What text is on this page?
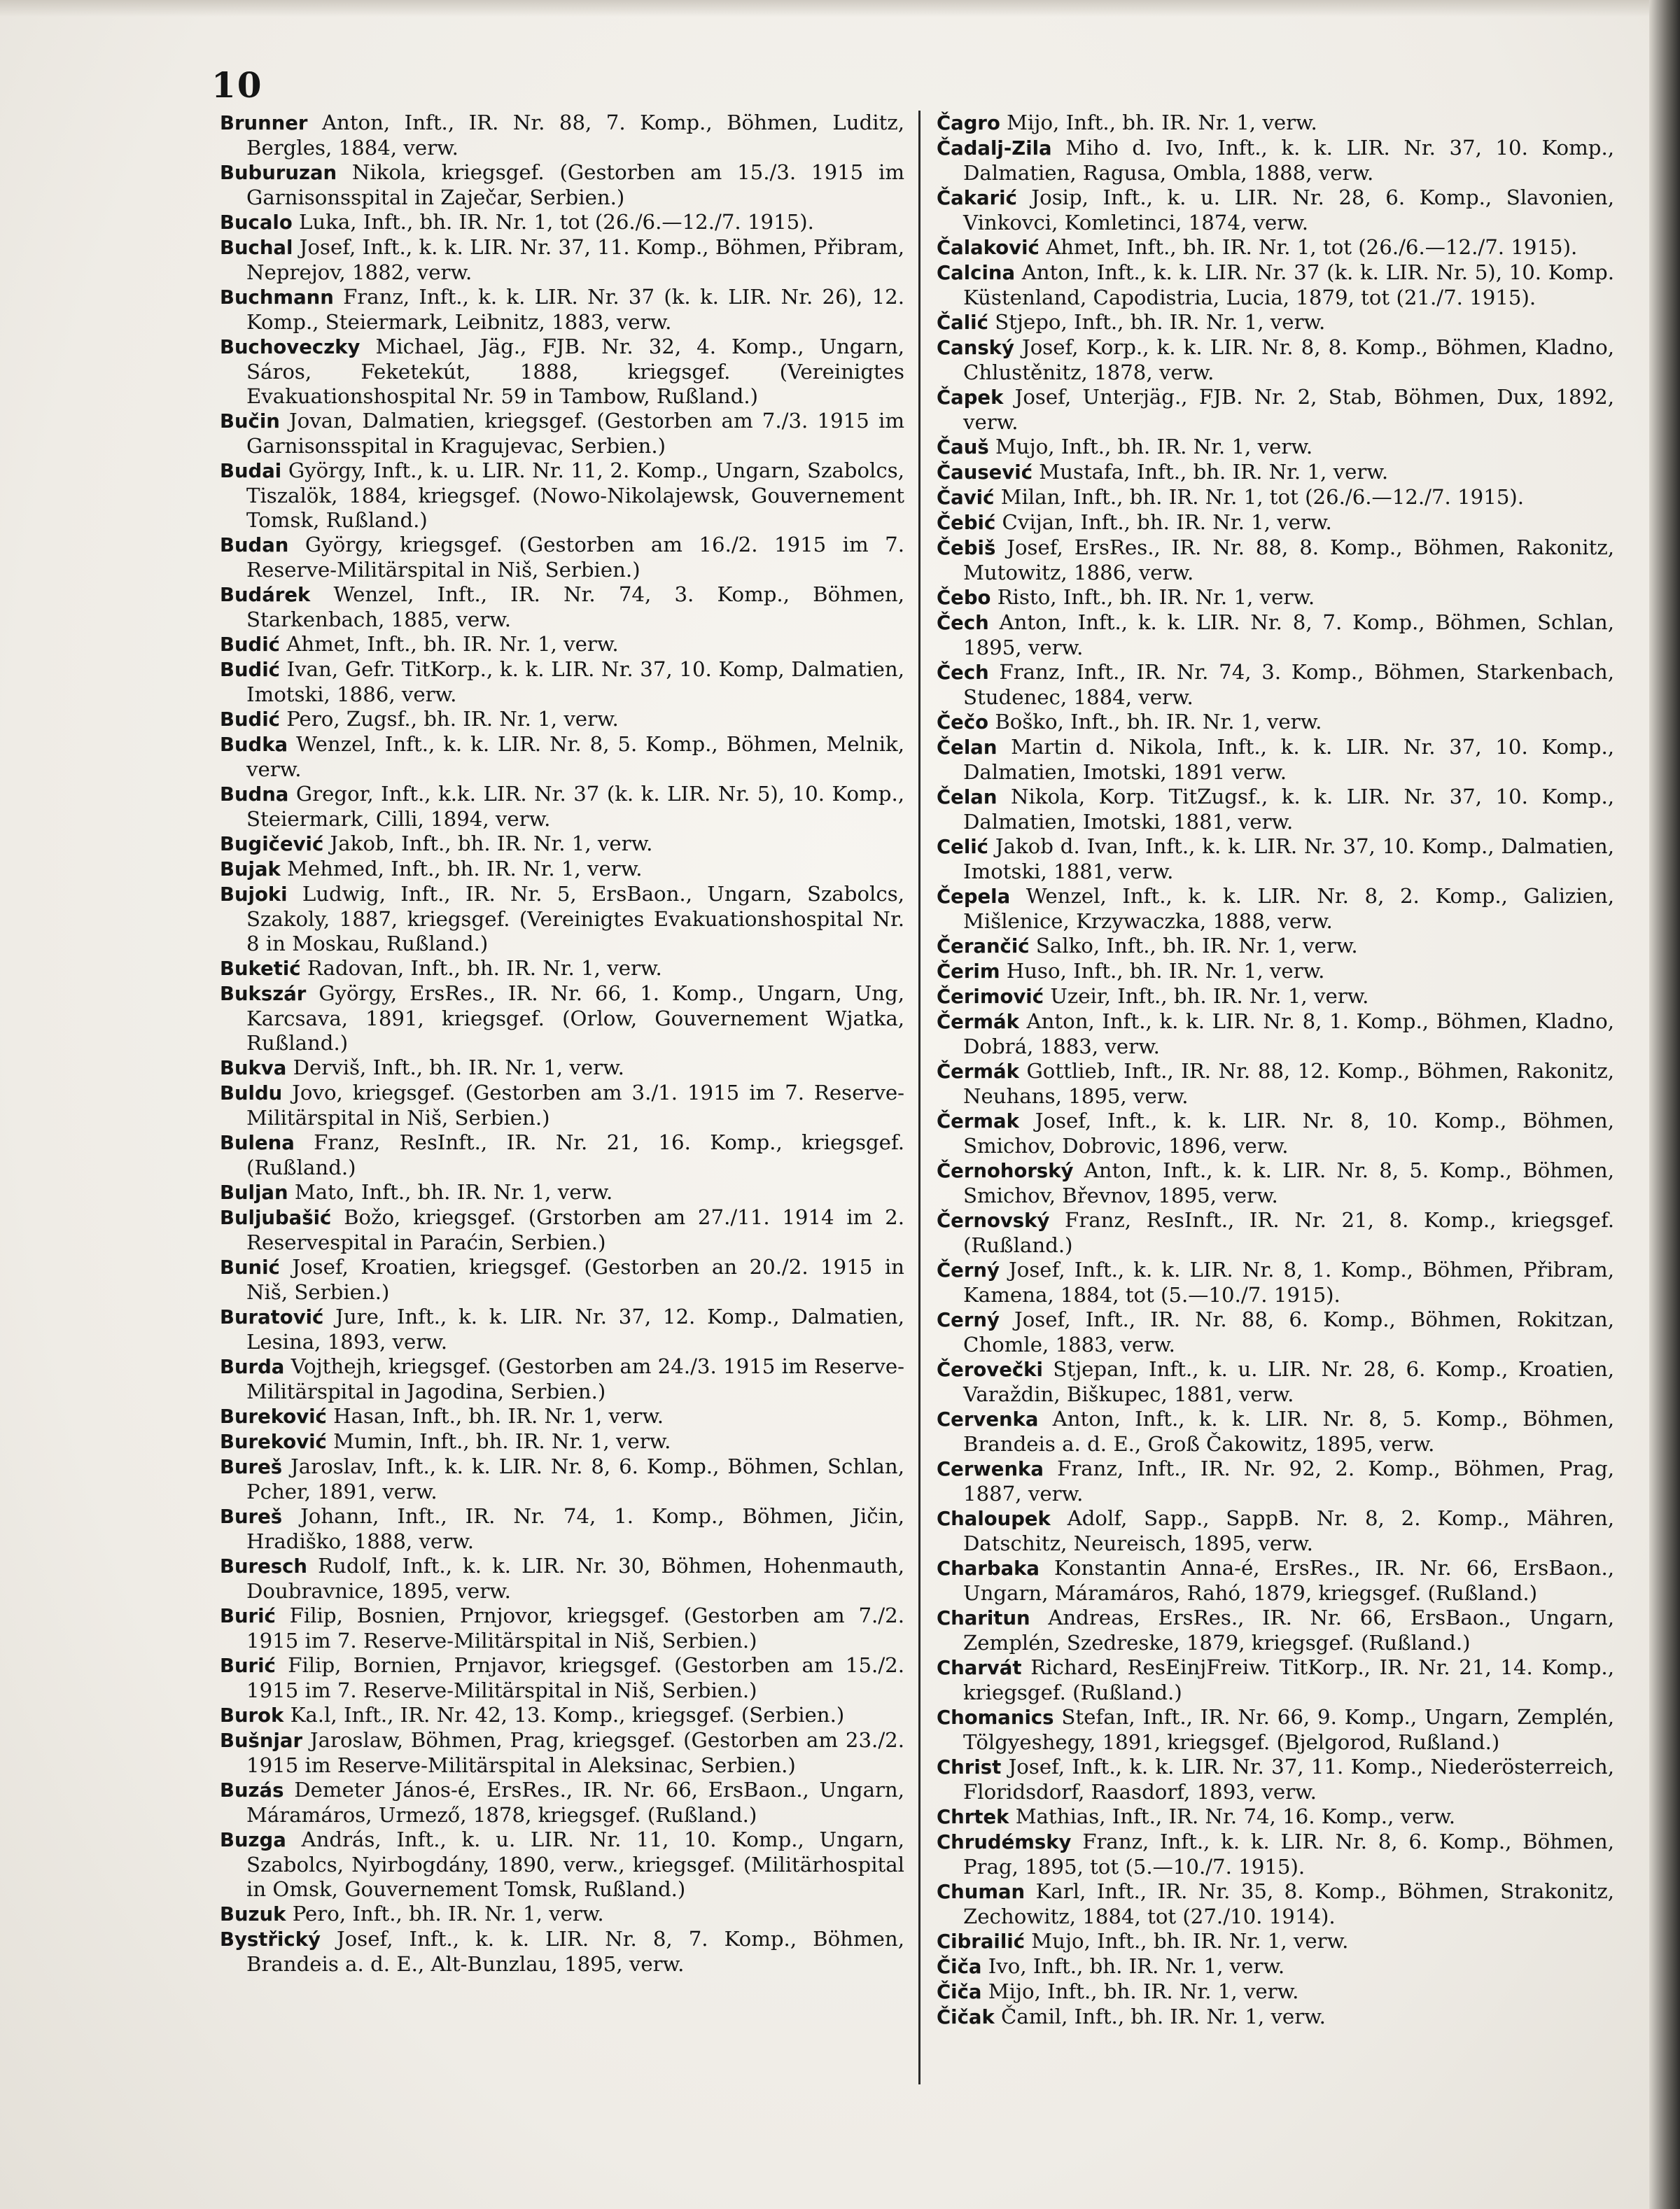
10
Brunner Anton, Inft., IR. Nr. 88, 7. Komp., Böhmen, Luditz, Bergles, 1884, verw.
Buburuzan Nikola, kriegsgef. (Gestorben am 15./3. 1915 im Garnisonsspital in Zaječar, Serbien.)
Bucalo Luka, Inft., bh. IR. Nr. 1, tot (26./6.—12./7. 1915).
Buchal Josef, Inft., k. k. LIR. Nr. 37, 11. Komp., Böhmen, Přibram, Neprejov, 1882, verw.
Buchmann Franz, Inft., k. k. LIR. Nr. 37 (k. k. LIR. Nr. 26), 12. Komp., Steiermark, Leibnitz, 1883, verw.
Buchoveczky Michael, Jäg., FJB. Nr. 32, 4. Komp., Ungarn, Sáros, Feketekút, 1888, kriegsgef. (Vereinigtes Evakuationshospital Nr. 59 in Tambow, Rußland.)
Bučin Jovan, Dalmatien, kriegsgef. (Gestorben am 7./3. 1915 im Garnisonsspital in Kragujevac, Serbien.)
Budai György, Inft., k. u. LIR. Nr. 11, 2. Komp., Ungarn, Szabolcs, Tiszalök, 1884, kriegsgef. (Nowo-Nikolajewsk, Gouvernement Tomsk, Rußland.)
Budan György, kriegsgef. (Gestorben am 16./2. 1915 im 7. Reserve-Militärspital in Niš, Serbien.)
Budárek Wenzel, Inft., IR. Nr. 74, 3. Komp., Böhmen, Starkenbach, 1885, verw.
Budić Ahmet, Inft., bh. IR. Nr. 1, verw.
Budić Ivan, Gefr. TitKorp., k. k. LIR. Nr. 37, 10. Komp, Dalmatien, Imotski, 1886, verw.
Budić Pero, Zugsf., bh. IR. Nr. 1, verw.
Budka Wenzel, Inft., k. k. LIR. Nr. 8, 5. Komp., Böhmen, Melnik, verw.
Budna Gregor, Inft., k.k. LIR. Nr. 37 (k. k. LIR. Nr. 5), 10. Komp., Steiermark, Cilli, 1894, verw.
Bugičević Jakob, Inft., bh. IR. Nr. 1, verw.
Bujak Mehmed, Inft., bh. IR. Nr. 1, verw.
Bujoki Ludwig, Inft., IR. Nr. 5, ErsBaon., Ungarn, Szabolcs, Szakoly, 1887, kriegsgef. (Vereinigtes Evakuationshospital Nr. 8 in Moskau, Rußland.)
Buketić Radovan, Inft., bh. IR. Nr. 1, verw.
Bukszár György, ErsRes., IR. Nr. 66, 1. Komp., Ungarn, Ung, Karcsava, 1891, kriegsgef. (Orlow, Gouvernement Wjatka, Rußland.)
Bukva Derviš, Inft., bh. IR. Nr. 1, verw.
Buldu Jovo, kriegsgef. (Gestorben am 3./1. 1915 im 7. Reserve-Militärspital in Niš, Serbien.)
Bulena Franz, ResInft., IR. Nr. 21, 16. Komp., kriegsgef. (Rußland.)
Buljan Mato, Inft., bh. IR. Nr. 1, verw.
Buljubašić Božo, kriegsgef. (Grstorben am 27./11. 1914 im 2. Reservespital in Paraćin, Serbien.)
Bunić Josef, Kroatien, kriegsgef. (Gestorben an 20./2. 1915 in Niš, Serbien.)
Buratović Jure, Inft., k. k. LIR. Nr. 37, 12. Komp., Dalmatien, Lesina, 1893, verw.
Burda Vojthejh, kriegsgef. (Gestorben am 24./3. 1915 im Reserve-Militärspital in Jagodina, Serbien.)
Bureković Hasan, Inft., bh. IR. Nr. 1, verw.
Bureković Mumin, Inft., bh. IR. Nr. 1, verw.
Bureš Jaroslav, Inft., k. k. LIR. Nr. 8, 6. Komp., Böhmen, Schlan, Pcher, 1891, verw.
Bureš Johann, Inft., IR. Nr. 74, 1. Komp., Böhmen, Jičin, Hradiško, 1888, verw.
Buresch Rudolf, Inft., k. k. LIR. Nr. 30, Böhmen, Hohenmauth, Doubravnice, 1895, verw.
Burić Filip, Bosnien, Prnjovor, kriegsgef. (Gestorben am 7./2. 1915 im 7. Reserve-Militärspital in Niš, Serbien.)
Burić Filip, Bornien, Prnjavor, kriegsgef. (Gestorben am 15./2. 1915 im 7. Reserve-Militärspital in Niš, Serbien.)
Burok Ka.l, Inft., IR. Nr. 42, 13. Komp., kriegsgef. (Serbien.)
Bušnjar Jaroslaw, Böhmen, Prag, kriegsgef. (Gestorben am 23./2. 1915 im Reserve-Militärspital in Aleksinac, Serbien.)
Buzás Demeter János-é, ErsRes., IR. Nr. 66, ErsBaon., Ungarn, Máramáros, Urmező, 1878, kriegsgef. (Rußland.)
Buzga András, Inft., k. u. LIR. Nr. 11, 10. Komp., Ungarn, Szabolcs, Nyirbogdány, 1890, verw., kriegsgef. (Militärhospital in Omsk, Gouvernement Tomsk, Rußland.)
Buzuk Pero, Inft., bh. IR. Nr. 1, verw.
Bystřický Josef, Inft., k. k. LIR. Nr. 8, 7. Komp., Böhmen, Brandeis a. d. E., Alt-Bunzlau, 1895, verw.
Čagro Mijo, Inft., bh. IR. Nr. 1, verw.
Čadalj-Zila Miho d. Ivo, Inft., k. k. LIR. Nr. 37, 10. Komp., Dalmatien, Ragusa, Ombla, 1888, verw.
Čakarić Josip, Inft., k. u. LIR. Nr. 28, 6. Komp., Slavonien, Vinkovci, Komletinci, 1874, verw.
Čalaković Ahmet, Inft., bh. IR. Nr. 1, tot (26./6.—12./7. 1915).
Calcina Anton, Inft., k. k. LIR. Nr. 37 (k. k. LIR. Nr. 5), 10. Komp. Küstenland, Capodistria, Lucia, 1879, tot (21./7. 1915).
Čalić Stjepo, Inft., bh. IR. Nr. 1, verw.
Canský Josef, Korp., k. k. LIR. Nr. 8, 8. Komp., Böhmen, Kladno, Chlustěnitz, 1878, verw.
Čapek Josef, Unterjäg., FJB. Nr. 2, Stab, Böhmen, Dux, 1892, verw.
Čauš Mujo, Inft., bh. IR. Nr. 1, verw.
Čausević Mustafa, Inft., bh. IR. Nr. 1, verw.
Čavić Milan, Inft., bh. IR. Nr. 1, tot (26./6.—12./7. 1915).
Čebić Cvijan, Inft., bh. IR. Nr. 1, verw.
Čebiš Josef, ErsRes., IR. Nr. 88, 8. Komp., Böhmen, Rakonitz, Mutowitz, 1886, verw.
Čebo Risto, Inft., bh. IR. Nr. 1, verw.
Čech Anton, Inft., k. k. LIR. Nr. 8, 7. Komp., Böhmen, Schlan, 1895, verw.
Čech Franz, Inft., IR. Nr. 74, 3. Komp., Böhmen, Starkenbach, Studenec, 1884, verw.
Čečo Boško, Inft., bh. IR. Nr. 1, verw.
Čelan Martin d. Nikola, Inft., k. k. LIR. Nr. 37, 10. Komp., Dalmatien, Imotski, 1891 verw.
Čelan Nikola, Korp. TitZugsf., k. k. LIR. Nr. 37, 10. Komp., Dalmatien, Imotski, 1881, verw.
Celić Jakob d. Ivan, Inft., k. k. LIR. Nr. 37, 10. Komp., Dalmatien, Imotski, 1881, verw.
Čepela Wenzel, Inft., k. k. LIR. Nr. 8, 2. Komp., Galizien, Mišlenice, Krzywaczka, 1888, verw.
Čerančić Salko, Inft., bh. IR. Nr. 1, verw.
Čerim Huso, Inft., bh. IR. Nr. 1, verw.
Čerimović Uzeir, Inft., bh. IR. Nr. 1, verw.
Čermák Anton, Inft., k. k. LIR. Nr. 8, 1. Komp., Böhmen, Kladno, Dobrá, 1883, verw.
Čermák Gottlieb, Inft., IR. Nr. 88, 12. Komp., Böhmen, Rakonitz, Neuhans, 1895, verw.
Čermak Josef, Inft., k. k. LIR. Nr. 8, 10. Komp., Böhmen, Smichov, Dobrovic, 1896, verw.
Černohorský Anton, Inft., k. k. LIR. Nr. 8, 5. Komp., Böhmen, Smichov, Břevnov, 1895, verw.
Černovský Franz, ResInft., IR. Nr. 21, 8. Komp., kriegsgef. (Rußland.)
Černý Josef, Inft., k. k. LIR. Nr. 8, 1. Komp., Böhmen, Přibram, Kamena, 1884, tot (5.—10./7. 1915).
Cerný Josef, Inft., IR. Nr. 88, 6. Komp., Böhmen, Rokitzan, Chomle, 1883, verw.
Čerovečki Stjepan, Inft., k. u. LIR. Nr. 28, 6. Komp., Kroatien, Varaždin, Biškupec, 1881, verw.
Cervenka Anton, Inft., k. k. LIR. Nr. 8, 5. Komp., Böhmen, Brandeis a. d. E., Groß Čakowitz, 1895, verw.
Cerwenka Franz, Inft., IR. Nr. 92, 2. Komp., Böhmen, Prag, 1887, verw.
Chaloupek Adolf, Sapp., SappB. Nr. 8, 2. Komp., Mähren, Datschitz, Neureisch, 1895, verw.
Charbaka Konstantin Anna-é, ErsRes., IR. Nr. 66, ErsBaon., Ungarn, Máramáros, Rahó, 1879, kriegsgef. (Rußland.)
Charitun Andreas, ErsRes., IR. Nr. 66, ErsBaon., Ungarn, Zemplén, Szedreske, 1879, kriegsgef. (Rußland.)
Charvát Richard, ResEinjFreiw. TitKorp., IR. Nr. 21, 14. Komp., kriegsgef. (Rußland.)
Chomanics Stefan, Inft., IR. Nr. 66, 9. Komp., Ungarn, Zemplén, Tölgyeshegy, 1891, kriegsgef. (Bjelgorod, Rußland.)
Christ Josef, Inft., k. k. LIR. Nr. 37, 11. Komp., Niederösterreich, Floridsdorf, Raasdorf, 1893, verw.
Chrtek Mathias, Inft., IR. Nr. 74, 16. Komp., verw.
Chrudémsky Franz, Inft., k. k. LIR. Nr. 8, 6. Komp., Böhmen, Prag, 1895, tot (5.—10./7. 1915).
Chuman Karl, Inft., IR. Nr. 35, 8. Komp., Böhmen, Strakonitz, Zechowitz, 1884, tot (27./10. 1914).
Cibrailić Mujo, Inft., bh. IR. Nr. 1, verw.
Čiča Ivo, Inft., bh. IR. Nr. 1, verw.
Čiča Mijo, Inft., bh. IR. Nr. 1, verw.
Čičak Čamil, Inft., bh. IR. Nr. 1, verw.
